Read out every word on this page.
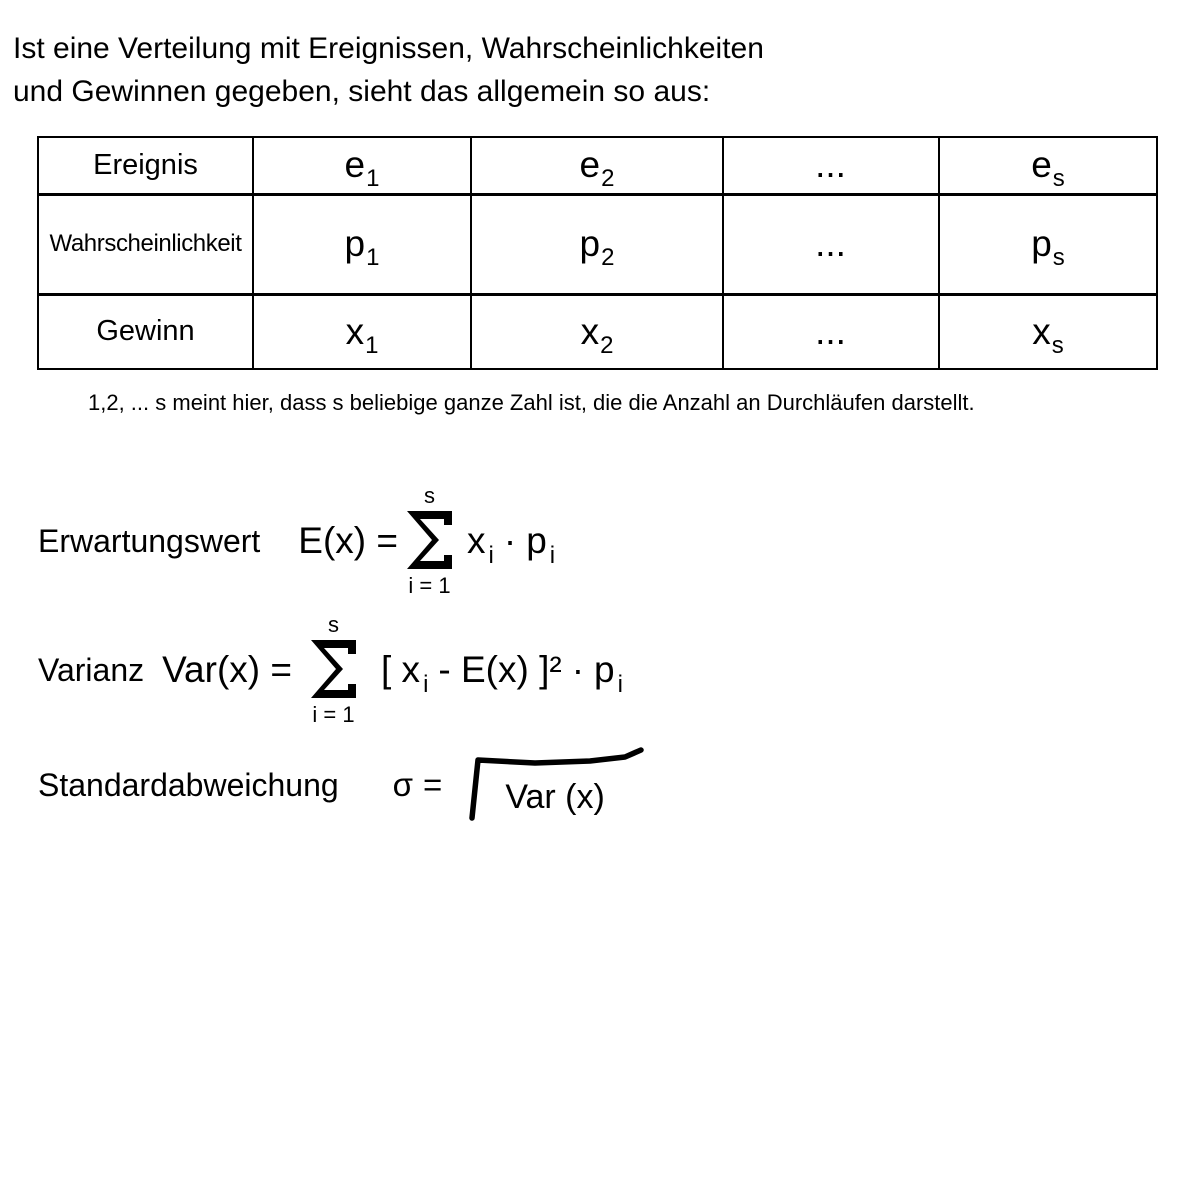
Ist eine Verteilung mit Ereignissen, Wahrscheinlichkeiten
und Gewinnen gegeben, sieht das allgemein so aus:
Ereignis	e1	e2	...	es
Wahrscheinlichkeit	p1	p2	...	ps
Gewinn	x1	x2	...	xs
1,2, ... s meint hier, dass s beliebige ganze Zahl ist, die die Anzahl an Durchläufen darstellt.
Erwartungswert E(x) =
s
i = 1
x i · p i
Varianz Var(x) =
s
i = 1
[ x i - E(x) ]² · p i
Standardabweichung σ = Var (x)
